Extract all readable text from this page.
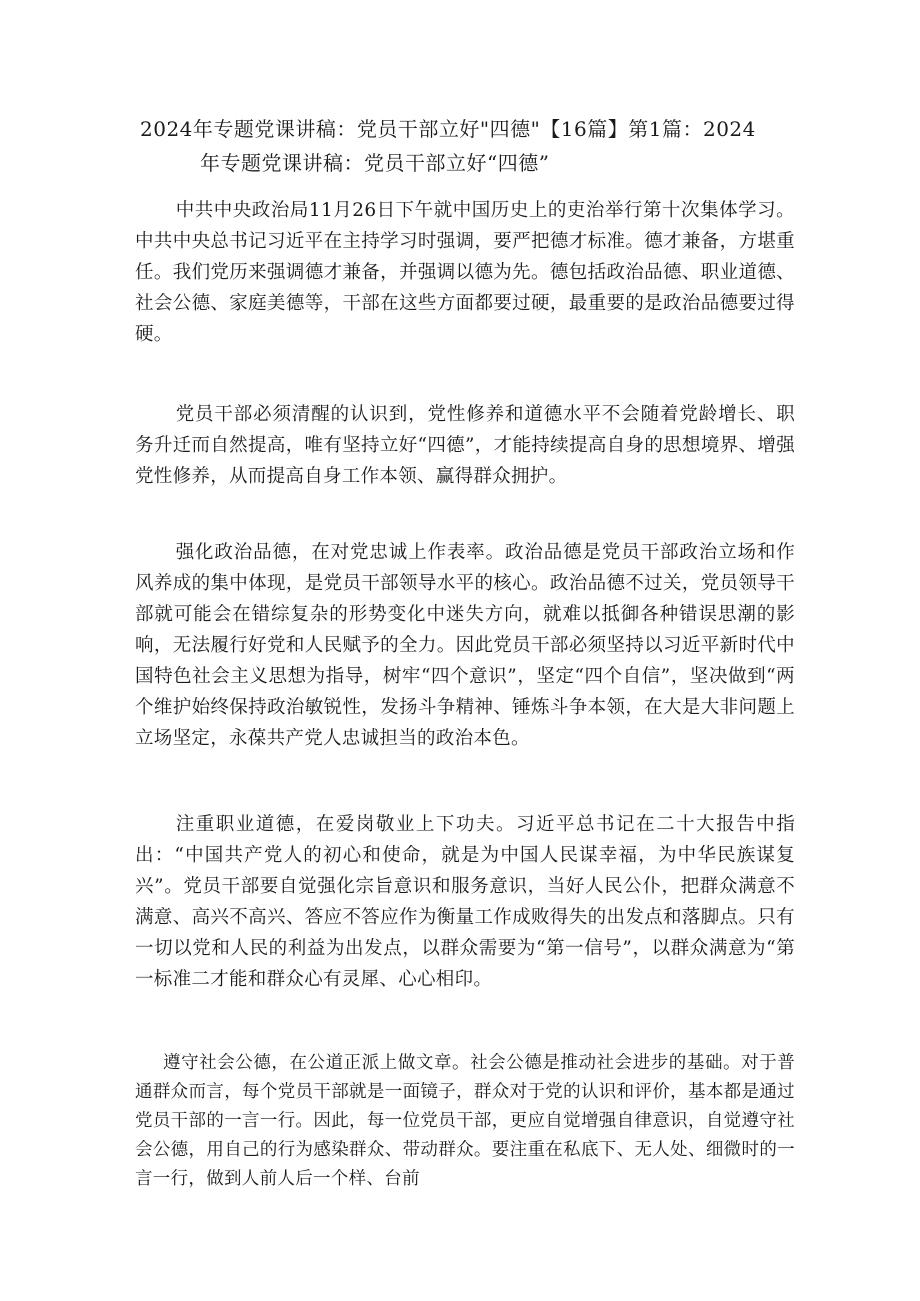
2024年专题党课讲稿：党员干部立好"四德"【16篇】第1篇：2024
年专题党课讲稿：党员干部立好“四德”

中共中央政治局11月26日下午就中国历史上的吏治举行第十次集体学习。中共中央总书记习近平在主持学习时强调，要严把德才标准。德才兼备，方堪重任。我们党历来强调德才兼备，并强调以德为先。德包括政治品德、职业道德、社会公德、家庭美德等，干部在这些方面都要过硬，最重要的是政治品德要过得硬。

党员干部必须清醒的认识到，党性修养和道德水平不会随着党龄增长、职务升迁而自然提高，唯有坚持立好“四德”，才能持续提高自身的思想境界、增强党性修养，从而提高自身工作本领、赢得群众拥护。

强化政治品德，在对党忠诚上作表率。政治品德是党员干部政治立场和作风养成的集中体现，是党员干部领导水平的核心。政治品德不过关，党员领导干部就可能会在错综复杂的形势变化中迷失方向，就难以抵御各种错误思潮的影响，无法履行好党和人民赋予的全力。因此党员干部必须坚持以习近平新时代中国特色社会主义思想为指导，树牢“四个意识”，坚定“四个自信”，坚决做到“两个维护始终保持政治敏锐性，发扬斗争精神、锤炼斗争本领，在大是大非问题上立场坚定，永葆共产党人忠诚担当的政治本色。

注重职业道德，在爱岗敬业上下功夫。习近平总书记在二十大报告中指出：“中国共产党人的初心和使命，就是为中国人民谋幸福，为中华民族谋复兴”。党员干部要自觉强化宗旨意识和服务意识，当好人民公仆，把群众满意不满意、高兴不高兴、答应不答应作为衡量工作成败得失的出发点和落脚点。只有一切以党和人民的利益为出发点，以群众需要为“第一信号”，以群众满意为“第一标准二才能和群众心有灵犀、心心相印。

遵守社会公德，在公道正派上做文章。社会公德是推动社会进步的基础。对于普通群众而言，每个党员干部就是一面镜子，群众对于党的认识和评价，基本都是通过党员干部的一言一行。因此，每一位党员干部，更应自觉增强自律意识，自觉遵守社会公德，用自己的行为感染群众、带动群众。要注重在私底下、无人处、细微时的一言一行，做到人前人后一个样、台前
